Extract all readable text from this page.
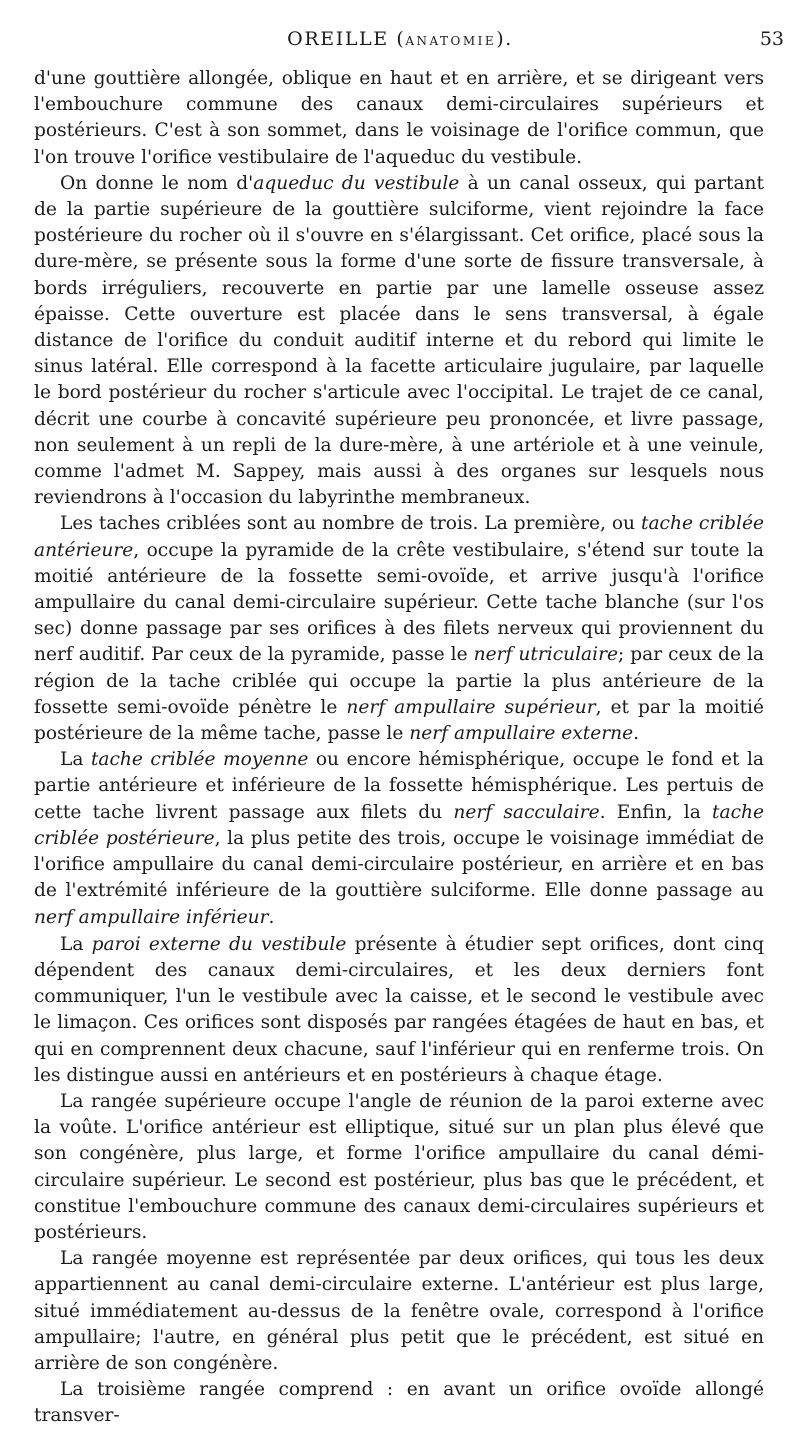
OREILLE (ANATOMIE).	53

d'une gouttière allongée, oblique en haut et en arrière, et se dirigeant vers l'embouchure commune des canaux demi-circulaires supérieurs et postérieurs. C'est à son sommet, dans le voisinage de l'orifice commun, que l'on trouve l'orifice vestibulaire de l'aqueduc du vestibule.

On donne le nom d'aqueduc du vestibule à un canal osseux, qui partant de la partie supérieure de la gouttière sulciforme, vient rejoindre la face postérieure du rocher où il s'ouvre en s'élargissant. Cet orifice, placé sous la dure-mère, se présente sous la forme d'une sorte de fissure transversale, à bords irréguliers, recouverte en partie par une lamelle osseuse assez épaisse. Cette ouverture est placée dans le sens transversal, à égale distance de l'orifice du conduit auditif interne et du rebord qui limite le sinus latéral. Elle correspond à la facette articulaire jugulaire, par laquelle le bord postérieur du rocher s'articule avec l'occipital. Le trajet de ce canal, décrit une courbe à concavité supérieure peu prononcée, et livre passage, non seulement à un repli de la dure-mère, à une artériole et à une veinule, comme l'admet M. Sappey, mais aussi à des organes sur lesquels nous reviendrons à l'occasion du labyrinthe membraneux.

Les taches criblées sont au nombre de trois. La première, ou tache criblée antérieure, occupe la pyramide de la crête vestibulaire, s'étend sur toute la moitié antérieure de la fossette semi-ovoïde, et arrive jusqu'à l'orifice ampullaire du canal demi-circulaire supérieur. Cette tache blanche (sur l'os sec) donne passage par ses orifices à des filets nerveux qui proviennent du nerf auditif. Par ceux de la pyramide, passe le nerf utriculaire; par ceux de la région de la tache criblée qui occupe la partie la plus antérieure de la fossette semi-ovoïde pénètre le nerf ampullaire supérieur, et par la moitié postérieure de la même tache, passe le nerf ampullaire externe.

La tache criblée moyenne ou encore hémisphérique, occupe le fond et la partie antérieure et inférieure de la fossette hémisphérique. Les pertuis de cette tache livrent passage aux filets du nerf sacculaire. Enfin, la tache criblée postérieure, la plus petite des trois, occupe le voisinage immédiat de l'orifice ampullaire du canal demi-circulaire postérieur, en arrière et en bas de l'extrémité inférieure de la gouttière sulciforme. Elle donne passage au nerf ampullaire inférieur.

La paroi externe du vestibule présente à étudier sept orifices, dont cinq dépendent des canaux demi-circulaires, et les deux derniers font communiquer, l'un le vestibule avec la caisse, et le second le vestibule avec le limaçon. Ces orifices sont disposés par rangées étagées de haut en bas, et qui en comprennent deux chacune, sauf l'inférieur qui en renferme trois. On les distingue aussi en antérieurs et en postérieurs à chaque étage.

La rangée supérieure occupe l'angle de réunion de la paroi externe avec la voûte. L'orifice antérieur est elliptique, situé sur un plan plus élevé que son congénère, plus large, et forme l'orifice ampullaire du canal démi-circulaire supérieur. Le second est postérieur, plus bas que le précédent, et constitue l'embouchure commune des canaux demi-circulaires supérieurs et postérieurs.

La rangée moyenne est représentée par deux orifices, qui tous les deux appartiennent au canal demi-circulaire externe. L'antérieur est plus large, situé immédiatement au-dessus de la fenêtre ovale, correspond à l'orifice ampullaire; l'autre, en général plus petit que le précédent, est situé en arrière de son congénère.

La troisième rangée comprend : en avant un orifice ovoïde allongé transver-
